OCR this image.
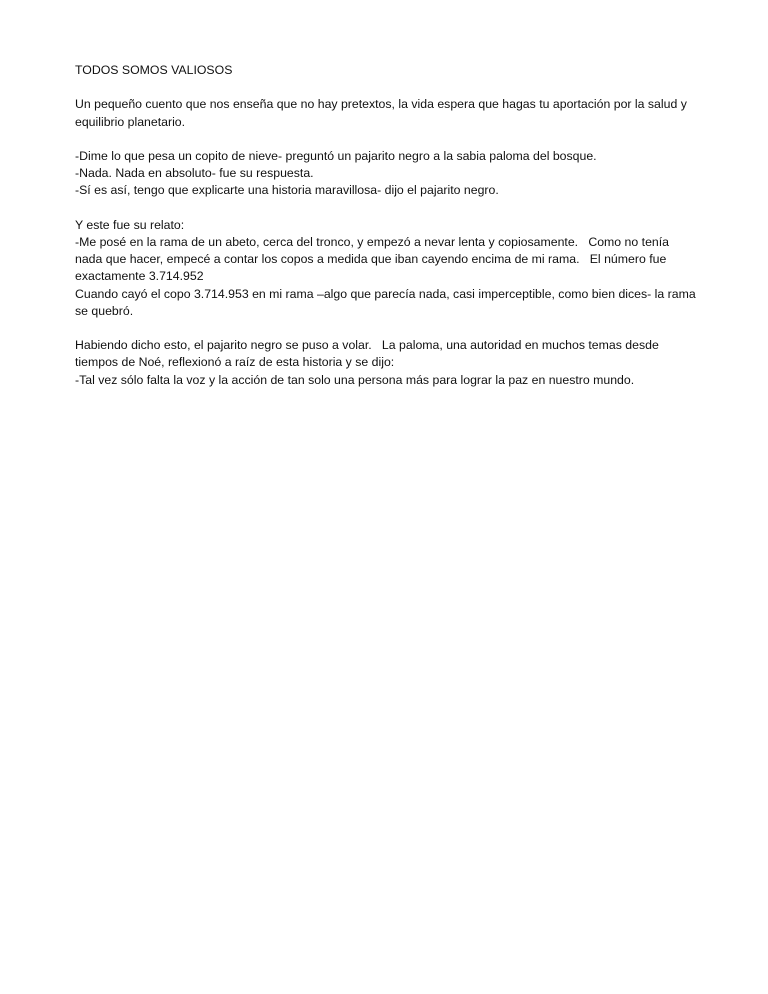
TODOS SOMOS VALIOSOS
Un pequeño cuento que nos enseña que no hay pretextos, la vida espera que hagas tu aportación por la salud y
equilibrio planetario.
-Dime lo que pesa un copito de nieve- preguntó un pajarito negro a la sabia paloma del bosque.
-Nada. Nada en absoluto- fue su respuesta.
-Sí es así, tengo que explicarte una historia maravillosa- dijo el pajarito negro.
Y este fue su relato:
-Me posé en la rama de un abeto, cerca del tronco, y empezó a nevar lenta y copiosamente.   Como no tenía
nada que hacer, empecé a contar los copos a medida que iban cayendo encima de mi rama.   El número fue
exactamente 3.714.952
Cuando cayó el copo 3.714.953 en mi rama –algo que parecía nada, casi imperceptible, como bien dices- la rama
se quebró.
Habiendo dicho esto, el pajarito negro se puso a volar.   La paloma, una autoridad en muchos temas desde
tiempos de Noé, reflexionó a raíz de esta historia y se dijo:
-Tal vez sólo falta la voz y la acción de tan solo una persona más para lograr la paz en nuestro mundo.
